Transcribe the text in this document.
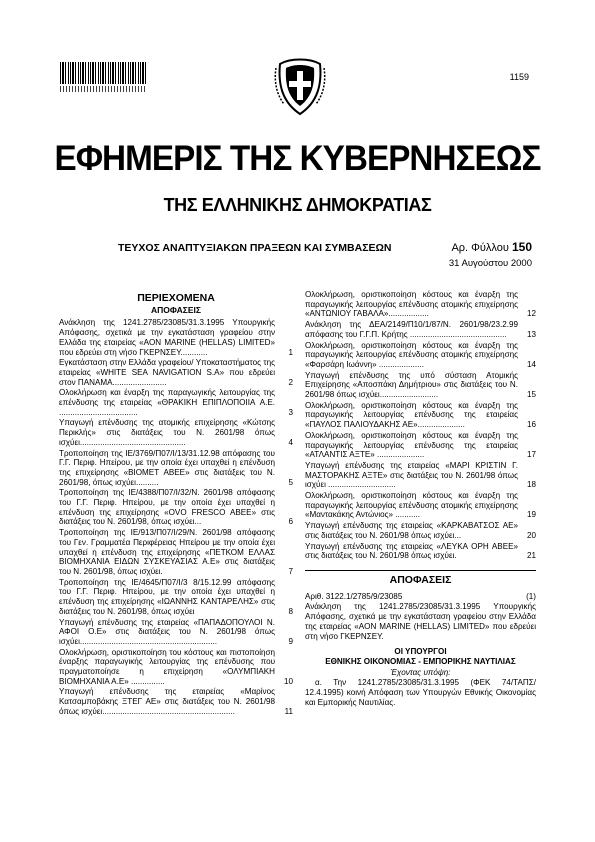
1159
ΕΦΗΜΕΡΙΣ ΤΗΣ ΚΥΒΕΡΝΗΣΕΩΣ
ΤΗΣ ΕΛΛΗΝΙΚΗΣ ΔΗΜΟΚΡΑΤΙΑΣ
ΤΕΥΧΟΣ ΑΝΑΠΤΥΞΙΑΚΩΝ ΠΡΑΞΕΩΝ ΚΑΙ ΣΥΜΒΑΣΕΩΝ	Αρ. Φύλλου 150
31 Αυγούστου 2000
ΠΕΡΙΕΧΟΜΕΝΑ
ΑΠΟΦΑΣΕΙΣ
Ανάκληση της 1241.2785/23085/31.3.1995 Υπουργικής Απόφασης, σχετικά με την εγκατάσταση γραφείου στην Ελλάδα της εταιρείας «AON MARINE (HELLAS) LIMITED» που εδρεύει στη νήσο ΓΚΕΡΝΣΕΥ............	1
Εγκατάσταση στην Ελλάδα γραφείου/ Υποκαταστήματος της εταιρείας «WHITE SEA NAVIGATION S.A» που εδρεύει στον ΠΑΝΑΜΑ........................	2
Ολοκλήρωση και έναρξη της παραγωγικής λειτουργίας της επένδυσης της εταιρείας «ΘΡΑΚΙΚΗ ΕΠΙΠΛΟΠΟΙΙΑ Α.Ε. ...................................	3
Υπαγωγή επένδυσης της ατομικής επιχείρησης «Κώτσης Περικλής» στις διατάξεις του Ν. 2601/98 όπως ισχύει...............................................	4
Τροποποίηση της ΙΕ/3769/Π07/Ι/13/31.12.98 απόφασης του Γ.Γ. Περιφ. Ηπείρου, με την οποία έχει υπαχθεί η επένδυση της επιχείρησης «ΒΙΟΜΕΤ ΑΒΕΕ» στις διατάξεις του Ν. 2601/98, όπως ισχύει..........	5
Τροποποίηση της ΙΕ/4388/Π07/Ι/32/Ν. 2601/98 απόφασης του Γ.Γ. Περιφ. Ηπείρου, με την οποία έχει υπαχθεί η επένδυση της επιχείρησης «OVO FRESCO ABEE» στις διατάξεις του Ν. 2601/98, όπως ισχύει...	6
Τροποποίηση της ΙΕ/913/Π07/Ι/29/Ν. 2601/98 απόφασης του Γεν. Γραμματέα Περιφέρειας Ηπείρου με την οποία έχει υπαχθεί η επένδυση της επιχείρησης «ΠΕΤΚΟΜ ΕΛΛΑΣ ΒΙΟΜΗΧΑΝΙΑ ΕΙΔΩΝ ΣΥΣΚΕΥΑΣΙΑΣ Α.Ε» στις διατάξεις του Ν. 2601/98, όπως ισχύει.	7
Τροποποίηση της ΙΕ/4645/Π07/Ι/3 8/15.12.99 απόφασης του Γ.Γ. Περιφ. Ηπείρου, με την οποία έχει υπαχθεί η επένδυση της επιχείρησης «ΙΩΑΝΝΗΣ ΚΑΝΤΑΡΕΛΗΣ» στις διατάξεις του Ν. 2601/98, όπως ισχύει	8
Υπαγωγή επένδυσης της εταιρείας «ΠΑΠΑΔΟΠΟΥΛΟΙ Ν. ΑΦΟΙ Ο.Ε» στις διατάξεις του Ν. 2601/98 όπως ισχύει.............................................................	9
Ολοκλήρωση, οριστικοποίηση του κόστους και πιστοποίηση έναρξης παραγωγικής λειτουργίας της επένδυσης που πραγματοποίησε η επιχείρηση «ΟΛΥΜΠΙΑΚΗ ΒΙΟΜΗΧΑΝΙΑ Α.Ε» ...............	10
Υπαγωγή επένδυσης της εταιρείας «Μαρίνος Κατσαμποβάκης ΞΤΕΓ ΑΕ» στις διατάξεις του Ν. 2601/98 όπως ισχύει...........................................................	11
Ολοκλήρωση, οριστικοποίηση κόστους και έναρξη της παραγωγικής λειτουργίας επένδυσης ατομικής επιχείρησης «ΑΝΤΩΝΙΟΥ ΓΑΒΑΛΑ»..................	12
Ανάκληση της ΔΕΑ/2149/Π10/1/87/Ν. 2601/98/23.2.99 απόφασης του Γ.Γ.Π. Κρήτης ...........................................	13
Ολοκλήρωση, οριστικοποίηση κόστους και έναρξη της παραγωγικής λειτουργίας επένδυσης ατομικής επιχείρησης «Φαρσάρη Ιωάννη» ....................	14
Υπαγωγή επένδυσης της υπό σύσταση Ατομικής Επιχείρησης «Αποσπάκη Δημήτριου» στις διατάξεις του Ν. 2601/98 όπως ισχύει..........................	15
Ολοκλήρωση, οριστικοποίηση κόστους και έναρξη της παραγωγικής λειτουργίας επένδυσης της εταιρείας «ΠΑΥΛΟΣ ΠΑΛΙΟΥΔΑΚΗΣ ΑΕ».....................	16
Ολοκλήρωση, οριστικοποίηση κόστους και έναρξη της παραγωγικής λειτουργίας επένδυσης της εταιρείας «ΑΤΛΑΝΤΙΣ ΑΞΤΕ» .....................	17
Υπαγωγή επένδυσης της εταιρείας «ΜΑΡΙ ΚΡΙΣΤΙΝ Γ. ΜΑΣΤΟΡΑΚΗΣ ΑΞΤΕ» στις διατάξεις του Ν. 2601/98 όπως ισχύει ..............................	18
Ολοκλήρωση, οριστικοποίηση κόστους και έναρξη της παραγωγικής λειτουργίας επένδυσης ατομικής επιχείρησης «Μαντακάκης Αντώνιος» ...........	19
Υπαγωγή επένδυσης της εταιρείας «ΚΑΡΚΑΒΑΤΣΟΣ ΑΕ» στις διατάξεις του Ν. 2601/98 όπως ισχύει...	20
Υπαγωγή επένδυσης της εταιρείας «ΛΕΥΚΑ ΟΡΗ ΑΒΕΕ» στις διατάξεις του Ν. 2601/98 όπως ισχύει.	21
ΑΠΟΦΑΣΕΙΣ
Αριθ. 3122.1/2785/9/23085	(1)
Ανάκληση της 1241.2785/23085/31.3.1995 Υπουργικής Απόφασης, σχετικά με την εγκατάσταση γραφείου στην Ελλάδα της εταιρείας «AON MARINE (HELLAS) LIMITED» που εδρεύει στη νήσο ΓΚΕΡΝΣΕΥ.
ΟΙ ΥΠΟΥΡΓΟΙ
ΕΘΝΙΚΗΣ ΟΙΚΟΝΟΜΙΑΣ - ΕΜΠΟΡΙΚΗΣ ΝΑΥΤΙΛΙΑΣ
Έχοντας υπόψη:
α. Την 1241.2785/23085/31.3.1995 (ΦΕΚ 74/ΤΑΠΣ/ 12.4.1995) κοινή Απόφαση των Υπουργών Εθνικής Οικονομίας και Εμπορικής Ναυτιλίας.
